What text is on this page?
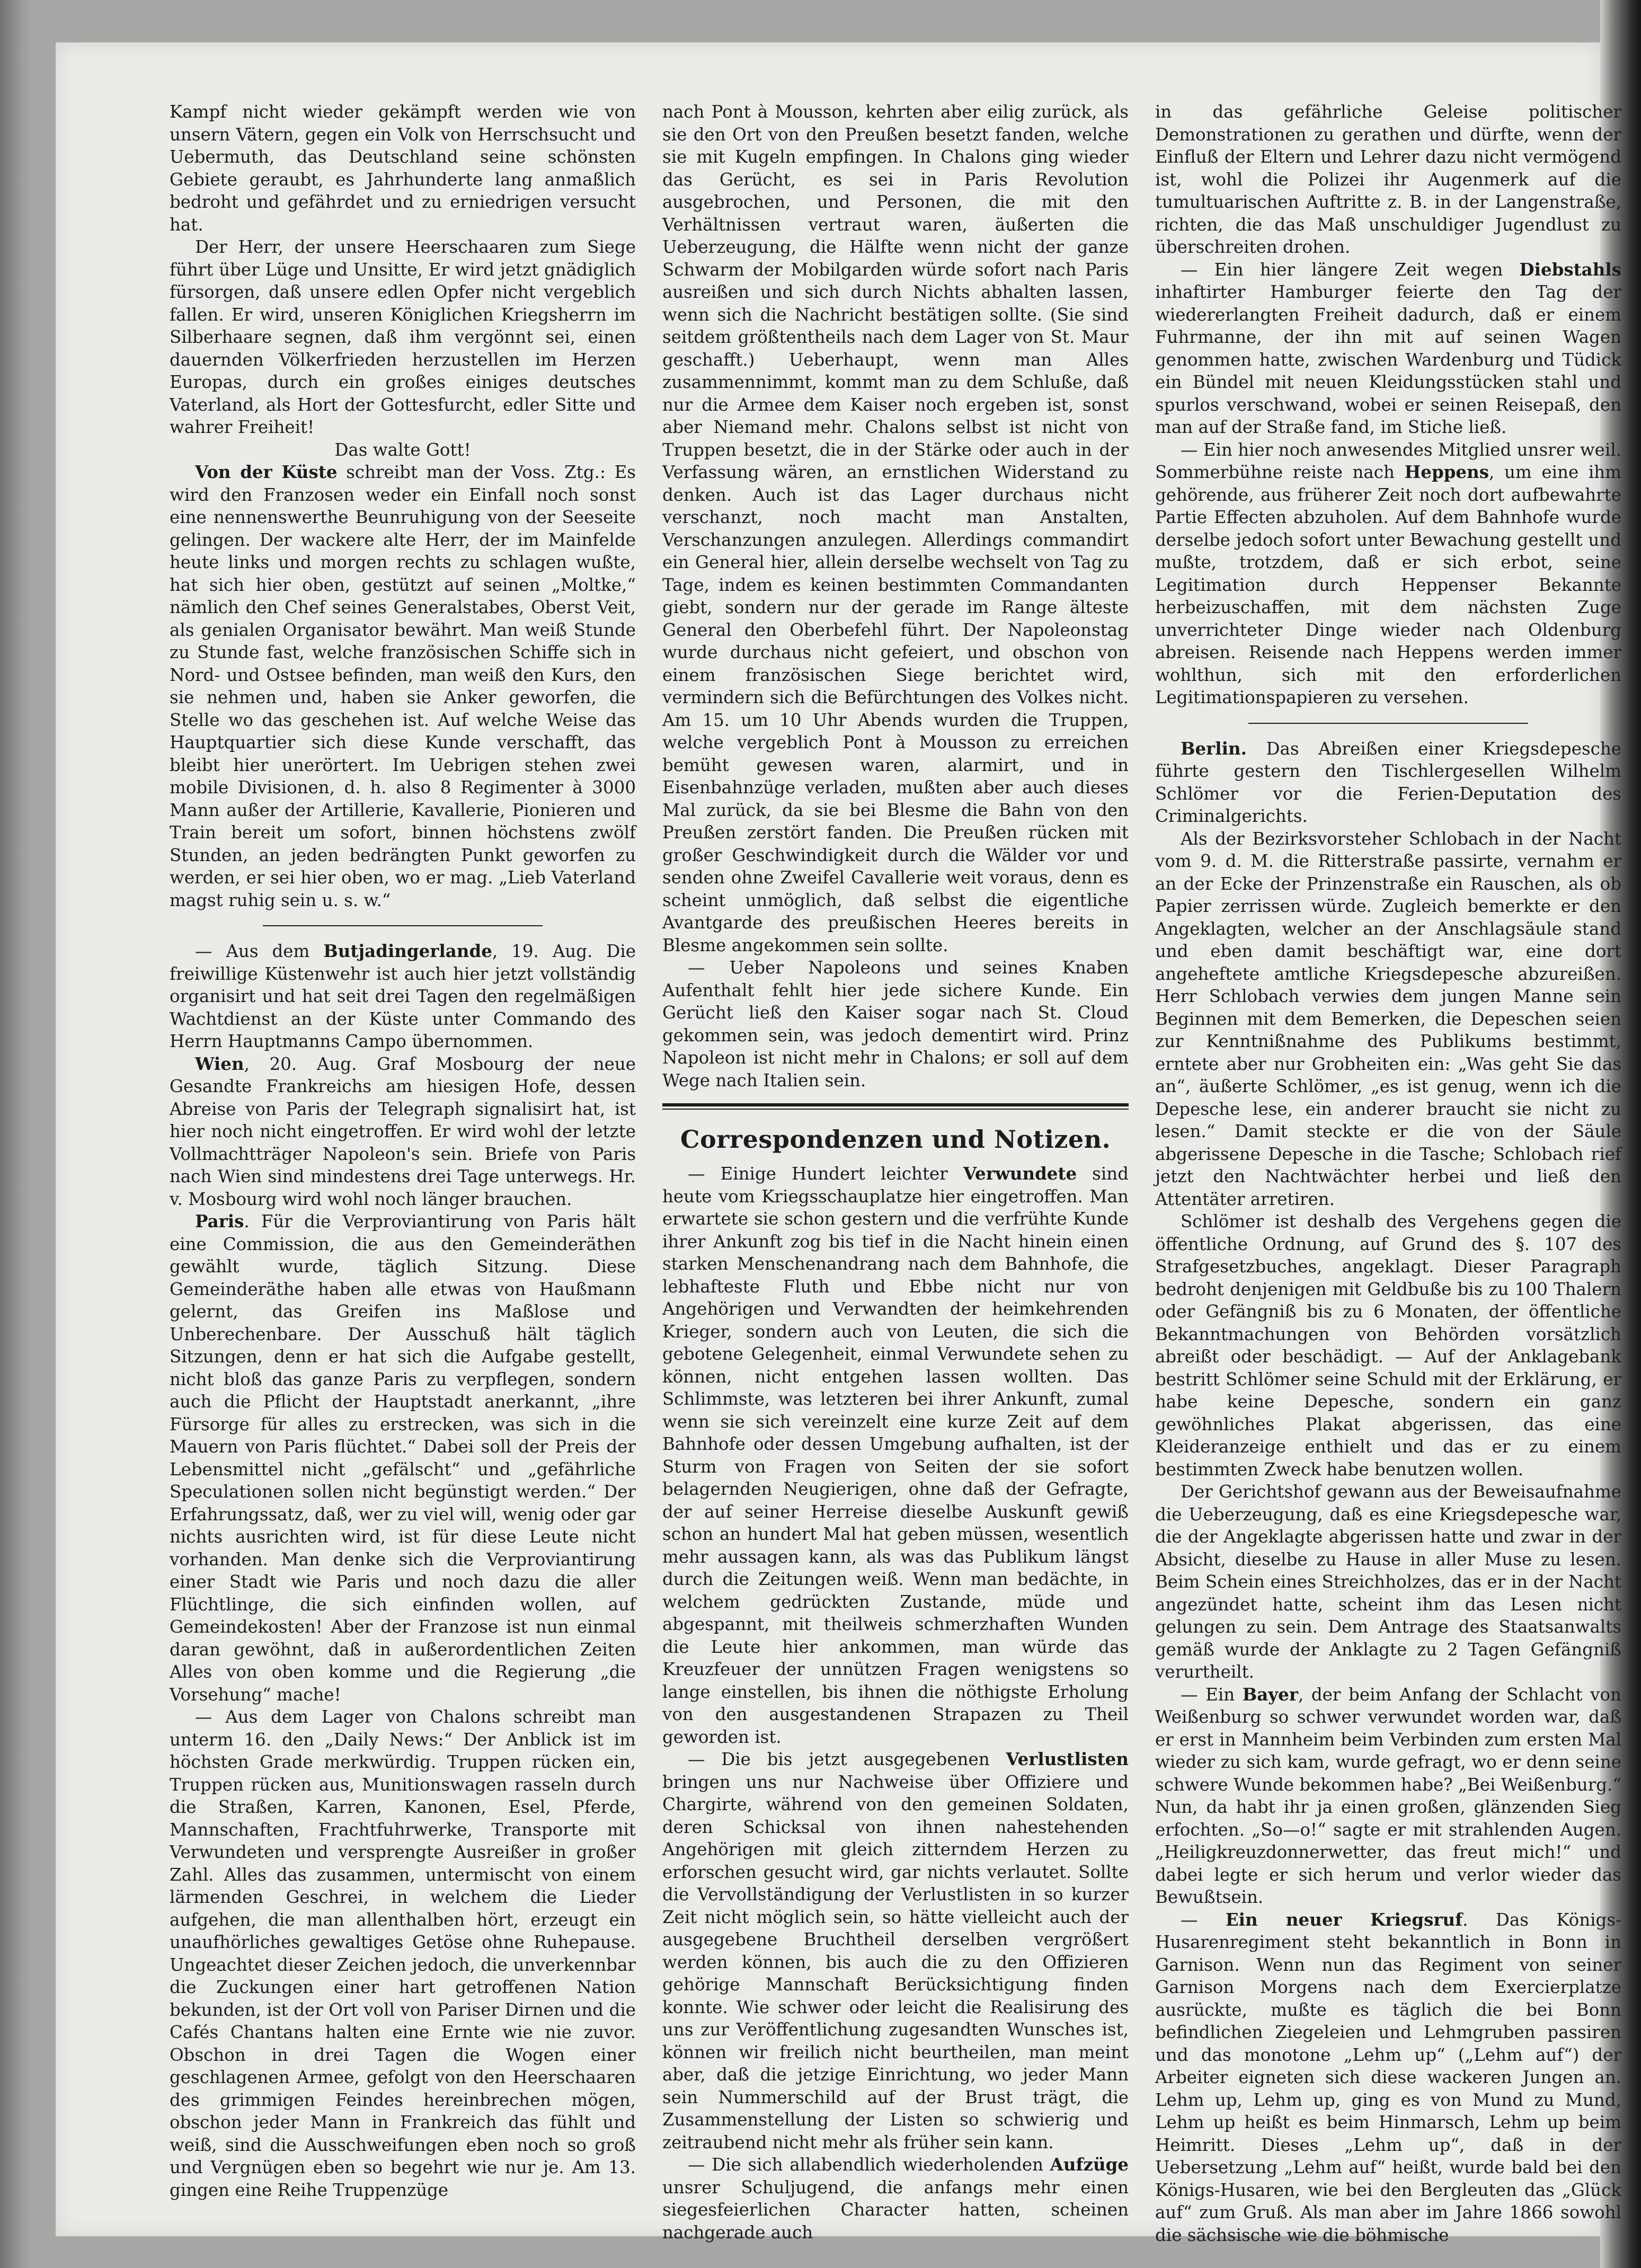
Kampf nicht wieder gekämpft werden wie von unsern Vätern, gegen ein Volk von Herrschsucht und Uebermuth, das Deutschland seine schönsten Gebiete geraubt, es Jahrhunderte lang anmaßlich bedroht und gefährdet und zu erniedrigen versucht hat.

Der Herr, der unsere Heerschaaren zum Siege führt über Lüge und Unsitte, Er wird jetzt gnädiglich fürsorgen, daß unsere edlen Opfer nicht vergeblich fallen. Er wird, unseren Königlichen Kriegsherrn im Silberhaare segnen, daß ihm vergönnt sei, einen dauernden Völkerfrieden herzustellen im Herzen Europas, durch ein großes einiges deutsches Vaterland, als Hort der Gottesfurcht, edler Sitte und wahrer Freiheit!

Das walte Gott!

Von der Küste schreibt man der Voss. Ztg.: Es wird den Franzosen weder ein Einfall noch sonst eine nennenswerthe Beunruhigung von der Seeseite gelingen. Der wackere alte Herr, der im Mainfelde heute links und morgen rechts zu schlagen wußte, hat sich hier oben, gestützt auf seinen „Moltke,“ nämlich den Chef seines Generalstabes, Oberst Veit, als genialen Organisator bewährt. Man weiß Stunde zu Stunde fast, welche französischen Schiffe sich in Nord- und Ostsee befinden, man weiß den Kurs, den sie nehmen und, haben sie Anker geworfen, die Stelle wo das geschehen ist. Auf welche Weise das Hauptquartier sich diese Kunde verschafft, das bleibt hier unerörtert. Im Uebrigen stehen zwei mobile Divisionen, d. h. also 8 Regimenter à 3000 Mann außer der Artillerie, Kavallerie, Pionieren und Train bereit um sofort, binnen höchstens zwölf Stunden, an jeden bedrängten Punkt geworfen zu werden, er sei hier oben, wo er mag. „Lieb Vaterland magst ruhig sein u. s. w.“

— Aus dem Butjadingerlande, 19. Aug. Die freiwillige Küstenwehr ist auch hier jetzt vollständig organisirt und hat seit drei Tagen den regelmäßigen Wachtdienst an der Küste unter Commando des Herrn Hauptmanns Campo übernommen.

Wien, 20. Aug. Graf Mosbourg der neue Gesandte Frankreichs am hiesigen Hofe, dessen Abreise von Paris der Telegraph signalisirt hat, ist hier noch nicht eingetroffen. Er wird wohl der letzte Vollmachtträger Napoleon's sein. Briefe von Paris nach Wien sind mindestens drei Tage unterwegs. Hr. v. Mosbourg wird wohl noch länger brauchen.

Paris. Für die Verproviantirung von Paris hält eine Commission, die aus den Gemeinderäthen gewählt wurde, täglich Sitzung. Diese Gemeinderäthe haben alle etwas von Haußmann gelernt, das Greifen ins Maßlose und Unberechenbare. Der Ausschuß hält täglich Sitzungen, denn er hat sich die Aufgabe gestellt, nicht bloß das ganze Paris zu verpflegen, sondern auch die Pflicht der Hauptstadt anerkannt, „ihre Fürsorge für alles zu erstrecken, was sich in die Mauern von Paris flüchtet.“ Dabei soll der Preis der Lebensmittel nicht „gefälscht“ und „gefährliche Speculationen sollen nicht begünstigt werden.“ Der Erfahrungssatz, daß, wer zu viel will, wenig oder gar nichts ausrichten wird, ist für diese Leute nicht vorhanden. Man denke sich die Verproviantirung einer Stadt wie Paris und noch dazu die aller Flüchtlinge, die sich einfinden wollen, auf Gemeindekosten! Aber der Franzose ist nun einmal daran gewöhnt, daß in außerordentlichen Zeiten Alles von oben komme und die Regierung „die Vorsehung“ mache!

— Aus dem Lager von Chalons schreibt man unterm 16. den „Daily News:“ Der Anblick ist im höchsten Grade merkwürdig. Truppen rücken ein, Truppen rücken aus, Munitionswagen rasseln durch die Straßen, Karren, Kanonen, Esel, Pferde, Mannschaften, Frachtfuhrwerke, Transporte mit Verwundeten und versprengte Ausreißer in großer Zahl. Alles das zusammen, untermischt von einem lärmenden Geschrei, in welchem die Lieder aufgehen, die man allenthalben hört, erzeugt ein unaufhörliches gewaltiges Getöse ohne Ruhepause. Ungeachtet dieser Zeichen jedoch, die unverkennbar die Zuckungen einer hart getroffenen Nation bekunden, ist der Ort voll von Pariser Dirnen und die Cafés Chantans halten eine Ernte wie nie zuvor. Obschon in drei Tagen die Wogen einer geschlagenen Armee, gefolgt von den Heerschaaren des grimmigen Feindes hereinbrechen mögen, obschon jeder Mann in Frankreich das fühlt und weiß, sind die Ausschweifungen eben noch so groß und Vergnügen eben so begehrt wie nur je. Am 13. gingen eine Reihe Truppenzüge

nach Pont à Mousson, kehrten aber eilig zurück, als sie den Ort von den Preußen besetzt fanden, welche sie mit Kugeln empfingen. In Chalons ging wieder das Gerücht, es sei in Paris Revolution ausgebrochen, und Personen, die mit den Verhältnissen vertraut waren, äußerten die Ueberzeugung, die Hälfte wenn nicht der ganze Schwarm der Mobilgarden würde sofort nach Paris ausreißen und sich durch Nichts abhalten lassen, wenn sich die Nachricht bestätigen sollte. (Sie sind seitdem größtentheils nach dem Lager von St. Maur geschafft.) Ueberhaupt, wenn man Alles zusammennimmt, kommt man zu dem Schluße, daß nur die Armee dem Kaiser noch ergeben ist, sonst aber Niemand mehr. Chalons selbst ist nicht von Truppen besetzt, die in der Stärke oder auch in der Verfassung wären, an ernstlichen Widerstand zu denken. Auch ist das Lager durchaus nicht verschanzt, noch macht man Anstalten, Verschanzungen anzulegen. Allerdings commandirt ein General hier, allein derselbe wechselt von Tag zu Tage, indem es keinen bestimmten Commandanten giebt, sondern nur der gerade im Range älteste General den Oberbefehl führt. Der Napoleonstag wurde durchaus nicht gefeiert, und obschon von einem französischen Siege berichtet wird, vermindern sich die Befürchtungen des Volkes nicht. Am 15. um 10 Uhr Abends wurden die Truppen, welche vergeblich Pont à Mousson zu erreichen bemüht gewesen waren, alarmirt, und in Eisenbahnzüge verladen, mußten aber auch dieses Mal zurück, da sie bei Blesme die Bahn von den Preußen zerstört fanden. Die Preußen rücken mit großer Geschwindigkeit durch die Wälder vor und senden ohne Zweifel Cavallerie weit voraus, denn es scheint unmöglich, daß selbst die eigentliche Avantgarde des preußischen Heeres bereits in Blesme angekommen sein sollte.

— Ueber Napoleons und seines Knaben Aufenthalt fehlt hier jede sichere Kunde. Ein Gerücht ließ den Kaiser sogar nach St. Cloud gekommen sein, was jedoch dementirt wird. Prinz Napoleon ist nicht mehr in Chalons; er soll auf dem Wege nach Italien sein.

Correspondenzen und Notizen.

— Einige Hundert leichter Verwundete sind heute vom Kriegsschauplatze hier eingetroffen. Man erwartete sie schon gestern und die verfrühte Kunde ihrer Ankunft zog bis tief in die Nacht hinein einen starken Menschenandrang nach dem Bahnhofe, die lebhafteste Fluth und Ebbe nicht nur von Angehörigen und Verwandten der heimkehrenden Krieger, sondern auch von Leuten, die sich die gebotene Gelegenheit, einmal Verwundete sehen zu können, nicht entgehen lassen wollten. Das Schlimmste, was letzteren bei ihrer Ankunft, zumal wenn sie sich vereinzelt eine kurze Zeit auf dem Bahnhofe oder dessen Umgebung aufhalten, ist der Sturm von Fragen von Seiten der sie sofort belagernden Neugierigen, ohne daß der Gefragte, der auf seiner Herreise dieselbe Auskunft gewiß schon an hundert Mal hat geben müssen, wesentlich mehr aussagen kann, als was das Publikum längst durch die Zeitungen weiß. Wenn man bedächte, in welchem gedrückten Zustande, müde und abgespannt, mit theilweis schmerzhaften Wunden die Leute hier ankommen, man würde das Kreuzfeuer der unnützen Fragen wenigstens so lange einstellen, bis ihnen die nöthigste Erholung von den ausgestandenen Strapazen zu Theil geworden ist.

— Die bis jetzt ausgegebenen Verlustlisten bringen uns nur Nachweise über Offiziere und Chargirte, während von den gemeinen Soldaten, deren Schicksal von ihnen nahestehenden Angehörigen mit gleich zitterndem Herzen zu erforschen gesucht wird, gar nichts verlautet. Sollte die Vervollständigung der Verlustlisten in so kurzer Zeit nicht möglich sein, so hätte vielleicht auch der ausgegebene Bruchtheil derselben vergrößert werden können, bis auch die zu den Offizieren gehörige Mannschaft Berücksichtigung finden konnte. Wie schwer oder leicht die Realisirung des uns zur Veröffentlichung zugesandten Wunsches ist, können wir freilich nicht beurtheilen, man meint aber, daß die jetzige Einrichtung, wo jeder Mann sein Nummerschild auf der Brust trägt, die Zusammenstellung der Listen so schwierig und zeitraubend nicht mehr als früher sein kann.

— Die sich allabendlich wiederholenden Aufzüge unsrer Schuljugend, die anfangs mehr einen siegesfeierlichen Character hatten, scheinen nachgerade auch

in das gefährliche Geleise politischer Demonstrationen zu gerathen und dürfte, wenn der Einfluß der Eltern und Lehrer dazu nicht vermögend ist, wohl die Polizei ihr Augenmerk auf die tumultuarischen Auftritte z. B. in der Langenstraße, richten, die das Maß unschuldiger Jugendlust zu überschreiten drohen.

— Ein hier längere Zeit wegen Diebstahls inhaftirter Hamburger feierte den Tag der wiedererlangten Freiheit dadurch, daß er einem Fuhrmanne, der ihn mit auf seinen Wagen genommen hatte, zwischen Wardenburg und Tüdick ein Bündel mit neuen Kleidungsstücken stahl und spurlos verschwand, wobei er seinen Reisepaß, den man auf der Straße fand, im Stiche ließ.

— Ein hier noch anwesendes Mitglied unsrer weil. Sommerbühne reiste nach Heppens, um eine ihm gehörende, aus früherer Zeit noch dort aufbewahrte Partie Effecten abzuholen. Auf dem Bahnhofe wurde derselbe jedoch sofort unter Bewachung gestellt und mußte, trotzdem, daß er sich erbot, seine Legitimation durch Heppenser Bekannte herbeizuschaffen, mit dem nächsten Zuge unverrichteter Dinge wieder nach Oldenburg abreisen. Reisende nach Heppens werden immer wohlthun, sich mit den erforderlichen Legitimationspapieren zu versehen.

Berlin. Das Abreißen einer Kriegsdepesche führte gestern den Tischlergesellen Wilhelm Schlömer vor die Ferien-Deputation des Criminalgerichts.

Als der Bezirksvorsteher Schlobach in der Nacht vom 9. d. M. die Ritterstraße passirte, vernahm er an der Ecke der Prinzenstraße ein Rauschen, als ob Papier zerrissen würde. Zugleich bemerkte er den Angeklagten, welcher an der Anschlagsäule stand und eben damit beschäftigt war, eine dort angeheftete amtliche Kriegsdepesche abzureißen. Herr Schlobach verwies dem jungen Manne sein Beginnen mit dem Bemerken, die Depeschen seien zur Kenntnißnahme des Publikums bestimmt, erntete aber nur Grobheiten ein: „Was geht Sie das an“, äußerte Schlömer, „es ist genug, wenn ich die Depesche lese, ein anderer braucht sie nicht zu lesen.“ Damit steckte er die von der Säule abgerissene Depesche in die Tasche; Schlobach rief jetzt den Nachtwächter herbei und ließ den Attentäter arretiren.

Schlömer ist deshalb des Vergehens gegen die öffentliche Ordnung, auf Grund des §. 107 des Strafgesetzbuches, angeklagt. Dieser Paragraph bedroht denjenigen mit Geldbuße bis zu 100 Thalern oder Gefängniß bis zu 6 Monaten, der öffentliche Bekanntmachungen von Behörden vorsätzlich abreißt oder beschädigt. — Auf der Anklagebank bestritt Schlömer seine Schuld mit der Erklärung, er habe keine Depesche, sondern ein ganz gewöhnliches Plakat abgerissen, das eine Kleideranzeige enthielt und das er zu einem bestimmten Zweck habe benutzen wollen.

Der Gerichtshof gewann aus der Beweisaufnahme die Ueberzeugung, daß es eine Kriegsdepesche war, die der Angeklagte abgerissen hatte und zwar in der Absicht, dieselbe zu Hause in aller Muse zu lesen. Beim Schein eines Streichholzes, das er in der Nacht angezündet hatte, scheint ihm das Lesen nicht gelungen zu sein. Dem Antrage des Staatsanwalts gemäß wurde der Anklagte zu 2 Tagen Gefängniß verurtheilt.

— Ein Bayer, der beim Anfang der Schlacht von Weißenburg so schwer verwundet worden war, daß er erst in Mannheim beim Verbinden zum ersten Mal wieder zu sich kam, wurde gefragt, wo er denn seine schwere Wunde bekommen habe? „Bei Weißenburg.“ Nun, da habt ihr ja einen großen, glänzenden Sieg erfochten. „So—o!“ sagte er mit strahlenden Augen. „Heiligkreuzdonnerwetter, das freut mich!“ und dabei legte er sich herum und verlor wieder das Bewußtsein.

— Ein neuer Kriegsruf. Das Königs-Husarenregiment steht bekanntlich in Bonn in Garnison. Wenn nun das Regiment von seiner Garnison Morgens nach dem Exercierplatze ausrückte, mußte es täglich die bei Bonn befindlichen Ziegeleien und Lehmgruben passiren und das monotone „Lehm up“ („Lehm auf“) der Arbeiter eigneten sich diese wackeren Jungen an. Lehm up, Lehm up, ging es von Mund zu Mund, Lehm up heißt es beim Hinmarsch, Lehm up beim Heimritt. Dieses „Lehm up“, daß in der Uebersetzung „Lehm auf“ heißt, wurde bald bei den Königs-Husaren, wie bei den Bergleuten das „Glück auf“ zum Gruß. Als man aber im Jahre 1866 sowohl die sächsische wie die böhmische
